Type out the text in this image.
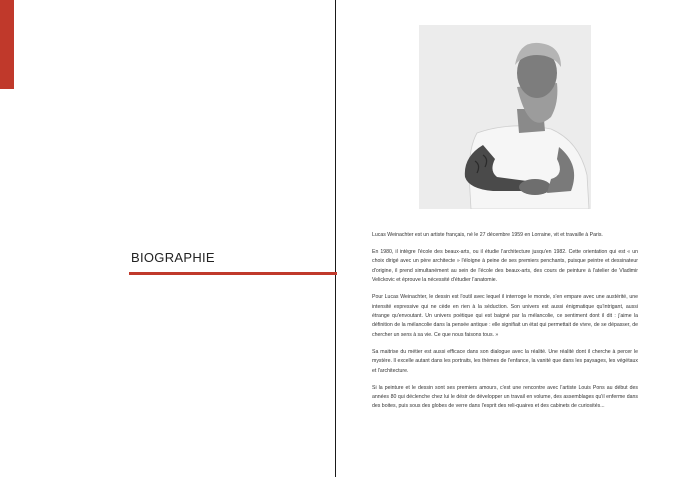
BIOGRAPHIE

Lucas Weinachter est un artiste français, né le 27 décembre 1959 en Lorraine, vit et travaille à Paris.

En 1980, il intègre l'école des beaux-arts, ou il étudie l'architecture jusqu'en 1982. Cette orientation qui est « un choix dirigé avec un père architecte » l'éloigne à peine de ses premiers penchants, puisque peintre et dessinateur d'origine, il prend simultanément au sein de l'école des beaux-arts, des cours de peinture à l'atelier de Vladimir Velickovic et éprouve la nécessité d'étudier l'anatomie.

Pour Lucas Weinachter, le dessin est l'outil avec lequel il interroge le monde, s'en empare avec une austérité, une intensité expressive qui ne cède en rien à la séduction. Son univers est aussi énigmatique qu'intrigant, aussi étrange qu'envoutant. Un univers poétique qui est baigné par la mélancolie, ce sentiment dont il dit : j'aime la définition de la mélancolie dans la pensée antique : elle signifiait un état qui permettait de vivre, de se dépasser, de chercher un sens à sa vie. Ce que nous faisons tous. »

Sa maitrise du métier est aussi efficace dans son dialogue avec la réalité. Une réalité dont il cherche à percer le mystère. Il excelle autant dans les portraits, les thèmes de l'enfance, la vanité que dans les paysages, les végétaux et l'architecture.

Si la peinture et le dessin sont ses premiers amours, c'est une rencontre avec l'artiste Louis Pons au début des années 80 qui déclenche chez lui le désir de développer un travail en volume, des assemblages qu'il enferme dans des boites, puis sous des globes de verre dans l'esprit des reli-quaires et des cabinets de curiosités...
